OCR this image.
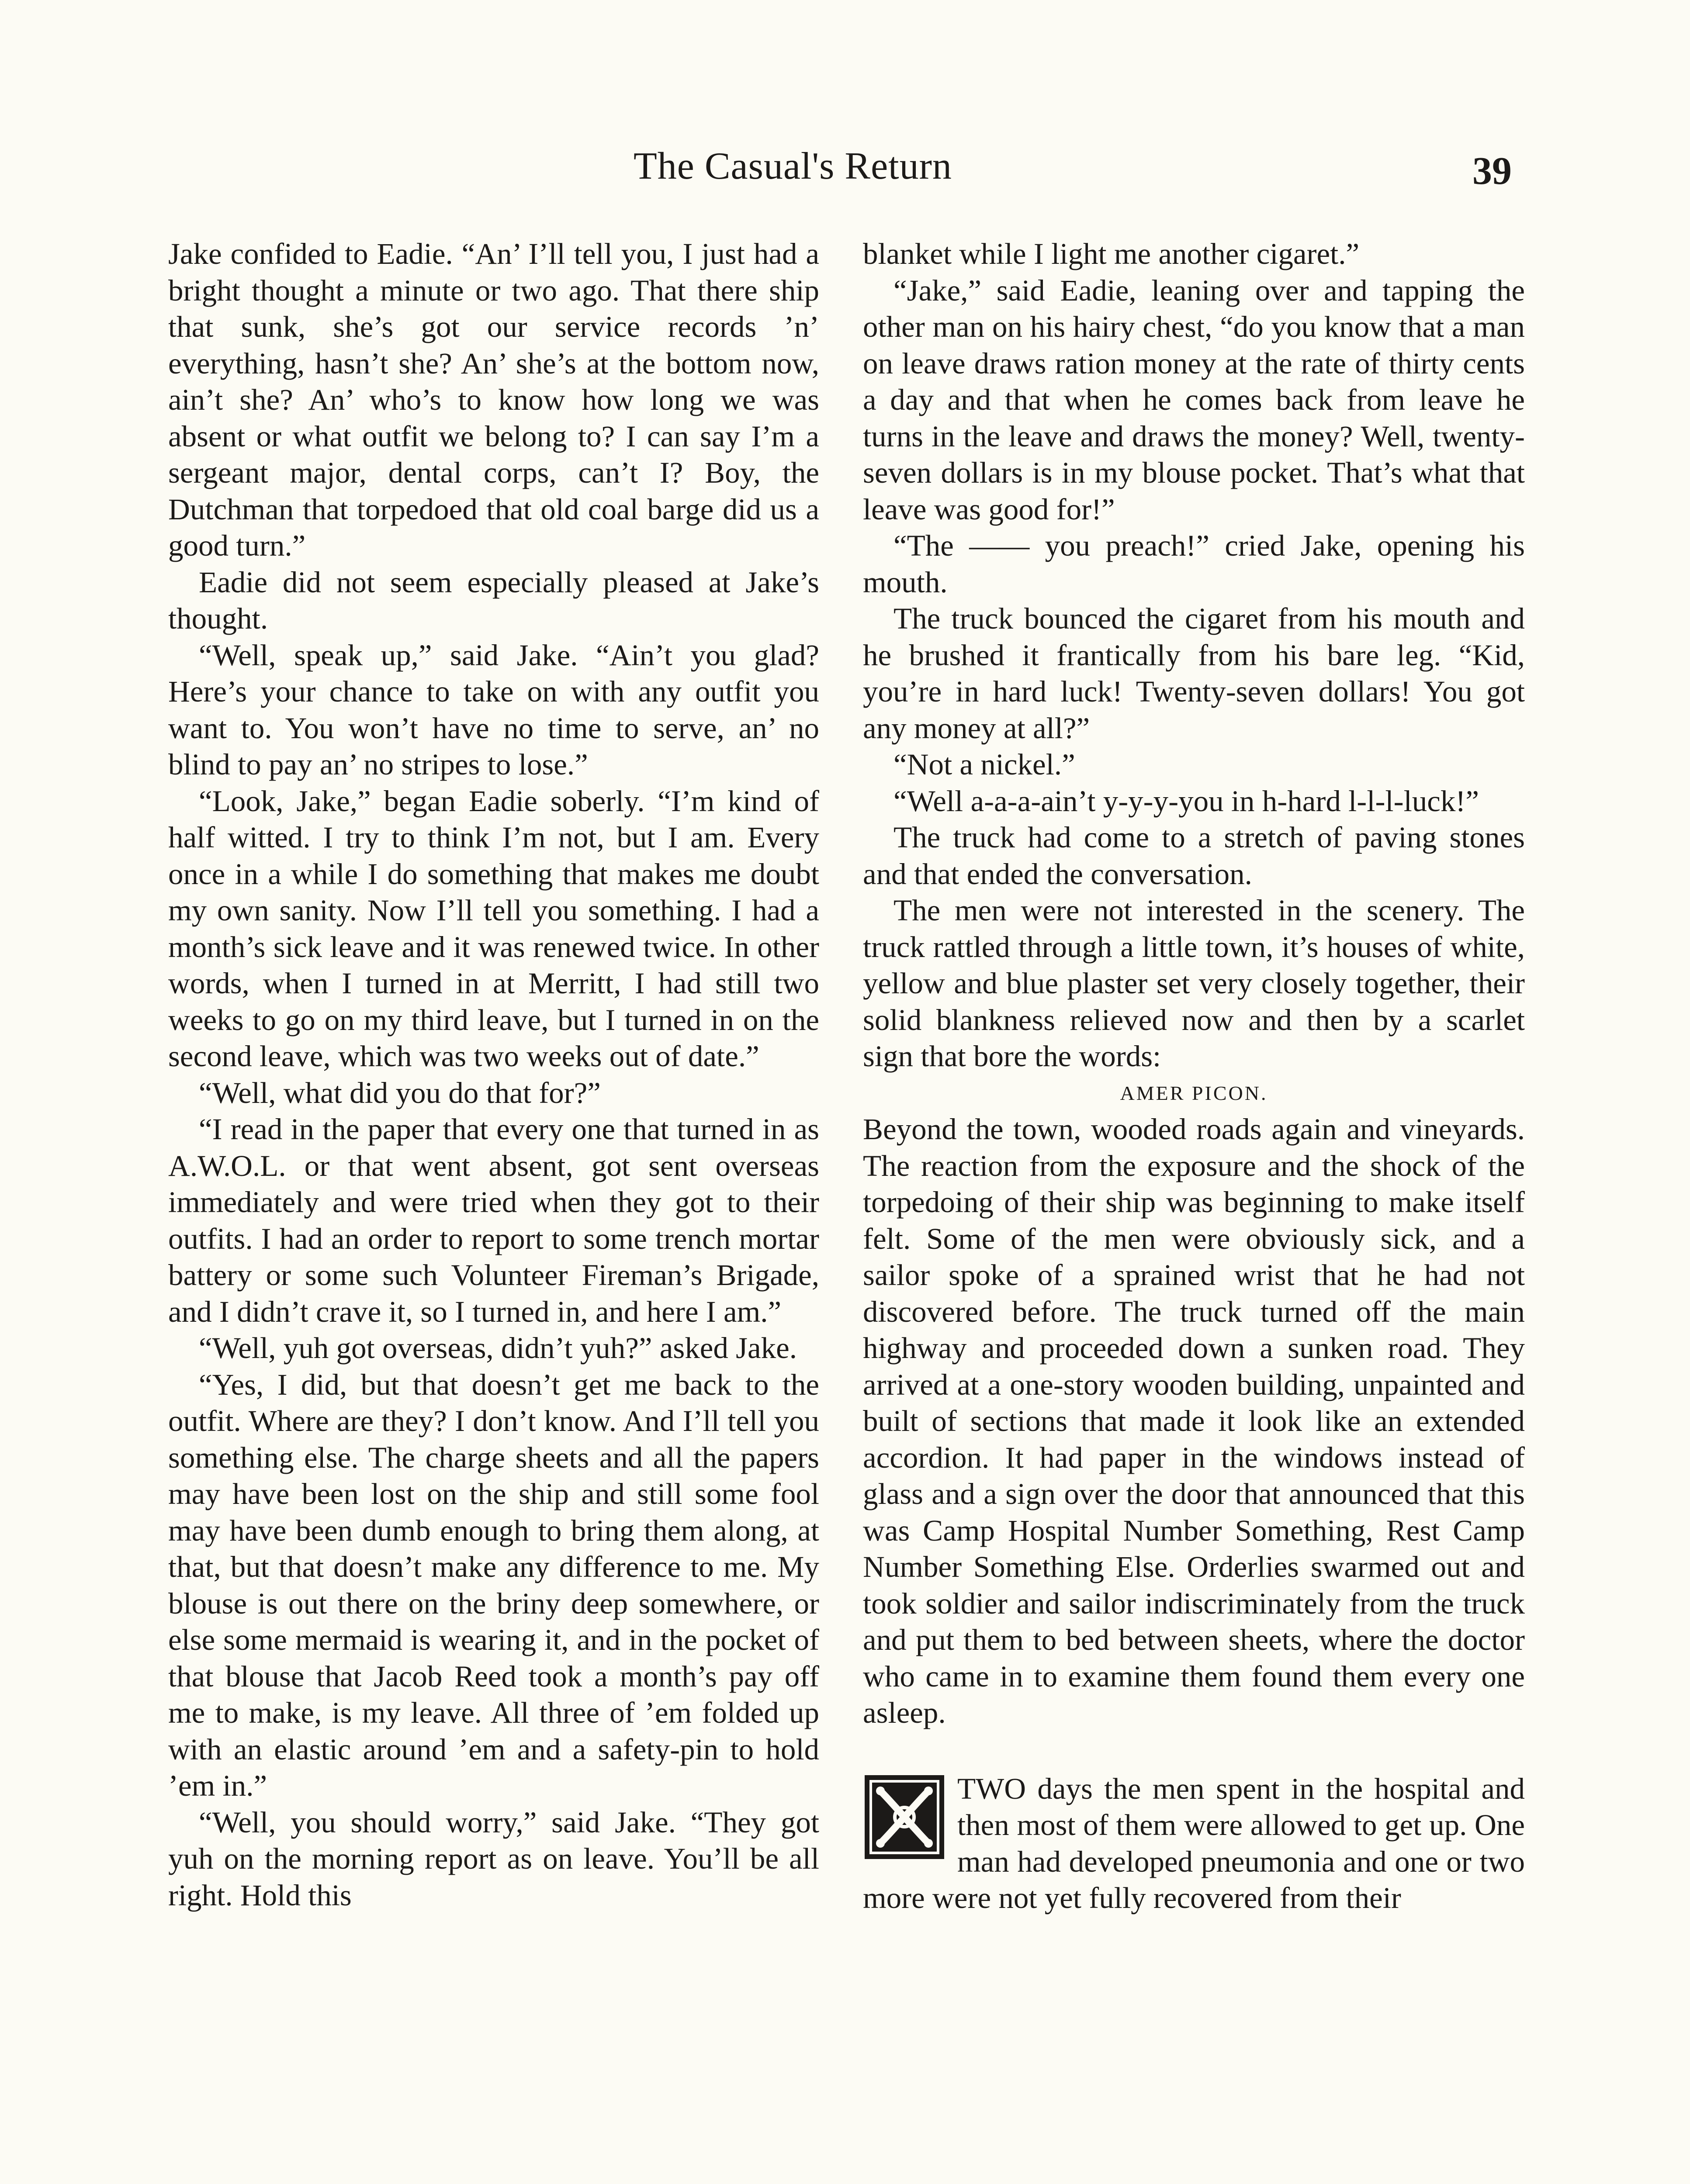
The Casual's Return	39

Jake confided to Eadie. “An’ I’ll tell you, I just had a bright thought a minute or two ago. That there ship that sunk, she’s got our service records ’n’ everything, hasn’t she? An’ she’s at the bottom now, ain’t she? An’ who’s to know how long we was absent or what outfit we belong to? I can say I’m a sergeant major, dental corps, can’t I? Boy, the Dutchman that torpedoed that old coal barge did us a good turn.”

Eadie did not seem especially pleased at Jake’s thought.

“Well, speak up,” said Jake. “Ain’t you glad? Here’s your chance to take on with any outfit you want to. You won’t have no time to serve, an’ no blind to pay an’ no stripes to lose.”

“Look, Jake,” began Eadie soberly. “I’m kind of half witted. I try to think I’m not, but I am. Every once in a while I do something that makes me doubt my own sanity. Now I’ll tell you something. I had a month’s sick leave and it was renewed twice. In other words, when I turned in at Merritt, I had still two weeks to go on my third leave, but I turned in on the second leave, which was two weeks out of date.”

“Well, what did you do that for?”

“I read in the paper that every one that turned in as A.W.O.L. or that went absent, got sent overseas immediately and were tried when they got to their outfits. I had an order to report to some trench mortar battery or some such Volunteer Fireman’s Brigade, and I didn’t crave it, so I turned in, and here I am.”

“Well, yuh got overseas, didn’t yuh?” asked Jake.

“Yes, I did, but that doesn’t get me back to the outfit. Where are they? I don’t know. And I’ll tell you something else. The charge sheets and all the papers may have been lost on the ship and still some fool may have been dumb enough to bring them along, at that, but that doesn’t make any difference to me. My blouse is out there on the briny deep somewhere, or else some mermaid is wearing it, and in the pocket of that blouse that Jacob Reed took a month’s pay off me to make, is my leave. All three of ’em folded up with an elastic around ’em and a safety-pin to hold ’em in.”

“Well, you should worry,” said Jake. “They got yuh on the morning report as on leave. You’ll be all right. Hold this

blanket while I light me another cigaret.”

“Jake,” said Eadie, leaning over and tapping the other man on his hairy chest, “do you know that a man on leave draws ration money at the rate of thirty cents a day and that when he comes back from leave he turns in the leave and draws the money? Well, twenty-seven dollars is in my blouse pocket. That’s what that leave was good for!”

“The —— you preach!” cried Jake, opening his mouth.

The truck bounced the cigaret from his mouth and he brushed it frantically from his bare leg. “Kid, you’re in hard luck! Twenty-seven dollars! You got any money at all?”

“Not a nickel.”

“Well a-a-a-ain’t y-y-y-you in h-hard l-l-l-luck!”

The truck had come to a stretch of paving stones and that ended the conversation.

The men were not interested in the scenery. The truck rattled through a little town, it’s houses of white, yellow and blue plaster set very closely together, their solid blankness relieved now and then by a scarlet sign that bore the words:

AMER PICON.

Beyond the town, wooded roads again and vineyards. The reaction from the exposure and the shock of the torpedoing of their ship was beginning to make itself felt. Some of the men were obviously sick, and a sailor spoke of a sprained wrist that he had not discovered before. The truck turned off the main highway and proceeded down a sunken road. They arrived at a one-story wooden building, unpainted and built of sections that made it look like an extended accordion. It had paper in the windows instead of glass and a sign over the door that announced that this was Camp Hospital Number Something, Rest Camp Number Something Else. Orderlies swarmed out and took soldier and sailor indiscriminately from the truck and put them to bed between sheets, where the doctor who came in to examine them found them every one asleep.

TWO days the men spent in the hospital and then most of them were allowed to get up. One man had developed pneumonia and one or two more were not yet fully recovered from their
